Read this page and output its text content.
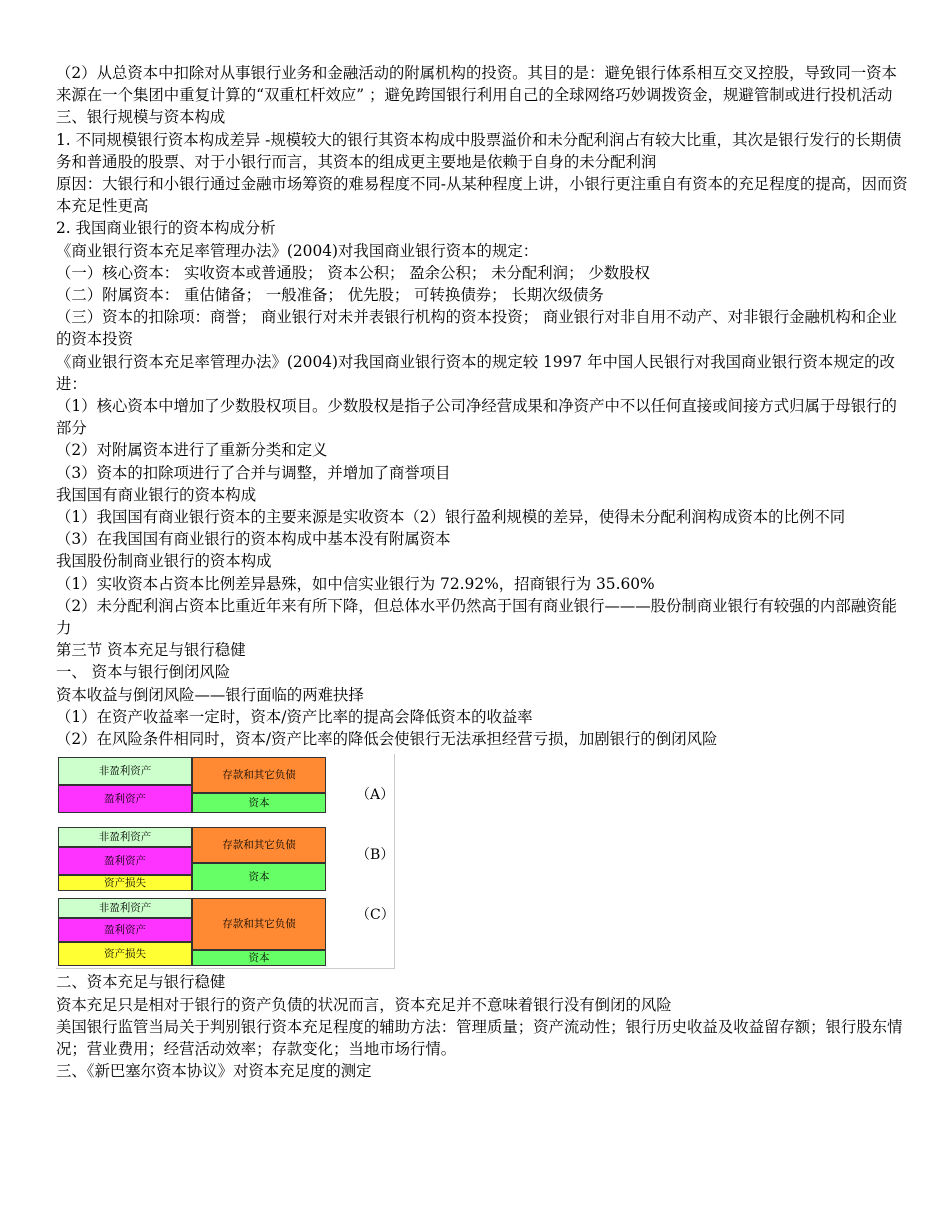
（2）从总资本中扣除对从事银行业务和金融活动的附属机构的投资。其目的是：避免银行体系相互交叉控股，导致同一资本来源在一个集团中重复计算的“双重杠杆效应” ；避免跨国银行利用自己的全球网络巧妙调拨资金，规避管制或进行投机活动
三、银行规模与资本构成
1. 不同规模银行资本构成差异 -规模较大的银行其资本构成中股票溢价和未分配利润占有较大比重，其次是银行发行的长期债务和普通股的股票、对于小银行而言，其资本的组成更主要地是依赖于自身的未分配利润
原因：大银行和小银行通过金融市场筹资的难易程度不同-从某种程度上讲，小银行更注重自有资本的充足程度的提高，因而资本充足性更高
2. 我国商业银行的资本构成分析
《商业银行资本充足率管理办法》(2004)对我国商业银行资本的规定：
（一）核心资本： 实收资本或普通股； 资本公积； 盈余公积； 未分配利润； 少数股权
（二）附属资本： 重估储备； 一般准备； 优先股； 可转换债券； 长期次级债务
（三）资本的扣除项：商誉； 商业银行对未并表银行机构的资本投资； 商业银行对非自用不动产、对非银行金融机构和企业的资本投资
《商业银行资本充足率管理办法》(2004)对我国商业银行资本的规定较 1997 年中国人民银行对我国商业银行资本规定的改进：
（1）核心资本中增加了少数股权项目。少数股权是指子公司净经营成果和净资产中不以任何直接或间接方式归属于母银行的部分
（2）对附属资本进行了重新分类和定义
（3）资本的扣除项进行了合并与调整，并增加了商誉项目
我国国有商业银行的资本构成
（1）我国国有商业银行资本的主要来源是实收资本（2）银行盈利规模的差异，使得未分配利润构成资本的比例不同
（3）在我国国有商业银行的资本构成中基本没有附属资本
我国股份制商业银行的资本构成
（1）实收资本占资本比例差异悬殊，如中信实业银行为 72.92%，招商银行为 35.60%
（2）未分配利润占资本比重近年来有所下降，但总体水平仍然高于国有商业银行———股份制商业银行有较强的内部融资能力
第三节 资本充足与银行稳健
一、 资本与银行倒闭风险
资本收益与倒闭风险——银行面临的两难抉择
（1）在资产收益率一定时，资本/资产比率的提高会降低资本的收益率
（2）在风险条件相同时，资本/资产比率的降低会使银行无法承担经营亏损，加剧银行的倒闭风险
非盈利资产
盈利资产
存款和其它负债
资本	（A）
非盈利资产
盈利资产
资产损失
存款和其它负债
资本
（B）
非盈利资产
盈利资产
资产损失
存款和其它负债
资本
（C）
二、资本充足与银行稳健
资本充足只是相对于银行的资产负债的状况而言，资本充足并不意味着银行没有倒闭的风险
美国银行监管当局关于判别银行资本充足程度的辅助方法：管理质量；资产流动性；银行历史收益及收益留存额；银行股东情况；营业费用；经营活动效率；存款变化；当地市场行情。
三、《新巴塞尔资本协议》对资本充足度的测定
